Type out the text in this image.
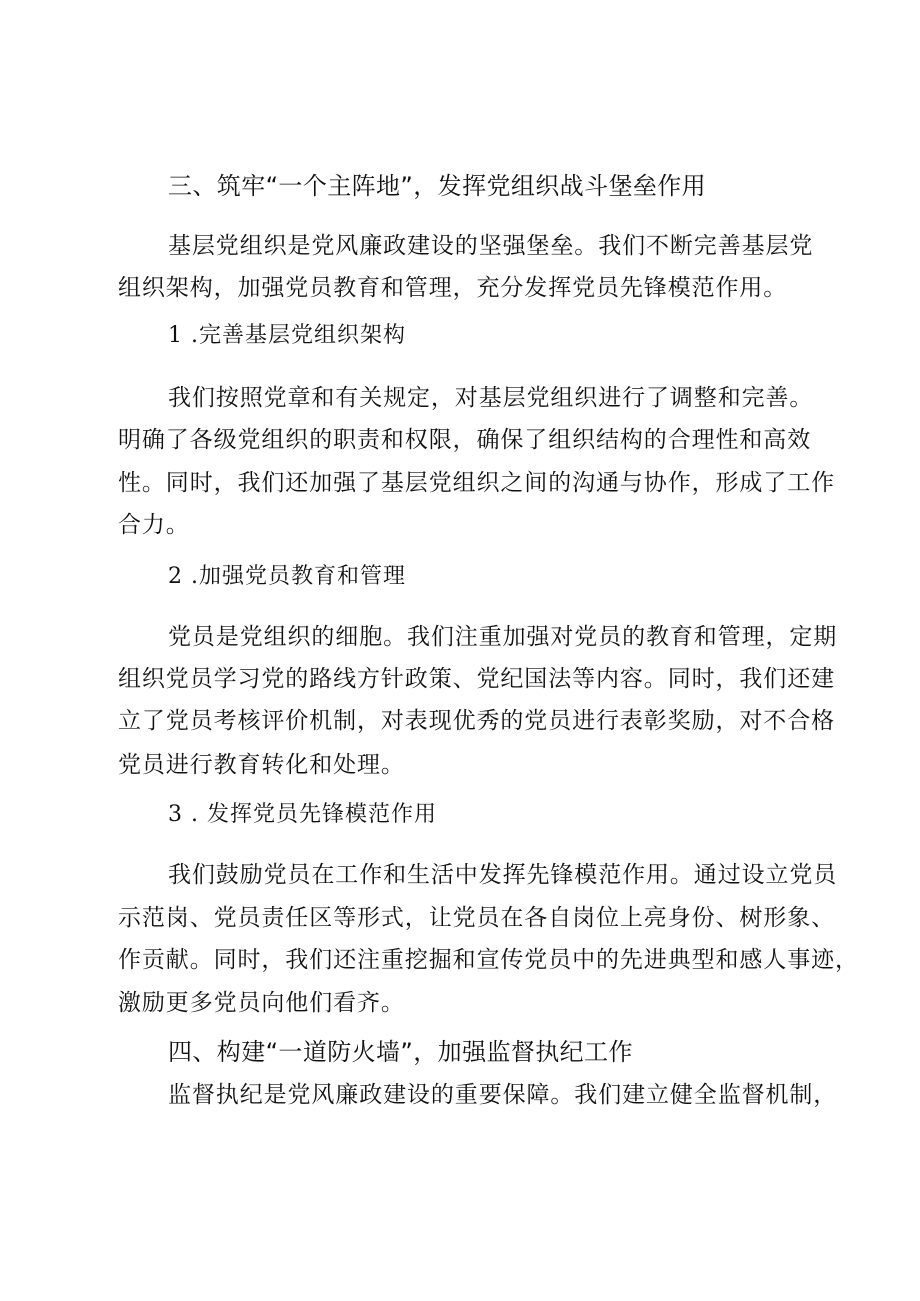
三、筑牢“一个主阵地”，发挥党组织战斗堡垒作用
基层党组织是党风廉政建设的坚强堡垒。我们不断完善基层党
组织架构，加强党员教育和管理，充分发挥党员先锋模范作用。
1 .完善基层党组织架构
我们按照党章和有关规定，对基层党组织进行了调整和完善。
明确了各级党组织的职责和权限，确保了组织结构的合理性和高效
性。同时，我们还加强了基层党组织之间的沟通与协作，形成了工作
合力。
2 .加强党员教育和管理
党员是党组织的细胞。我们注重加强对党员的教育和管理，定期
组织党员学习党的路线方针政策、党纪国法等内容。同时，我们还建
立了党员考核评价机制，对表现优秀的党员进行表彰奖励，对不合格
党员进行教育转化和处理。
3 . 发挥党员先锋模范作用
我们鼓励党员在工作和生活中发挥先锋模范作用。通过设立党员
示范岗、党员责任区等形式，让党员在各自岗位上亮身份、树形象、
作贡献。同时，我们还注重挖掘和宣传党员中的先进典型和感人事迹，
激励更多党员向他们看齐。
四、构建“一道防火墙”，加强监督执纪工作
监督执纪是党风廉政建设的重要保障。我们建立健全监督机制，
